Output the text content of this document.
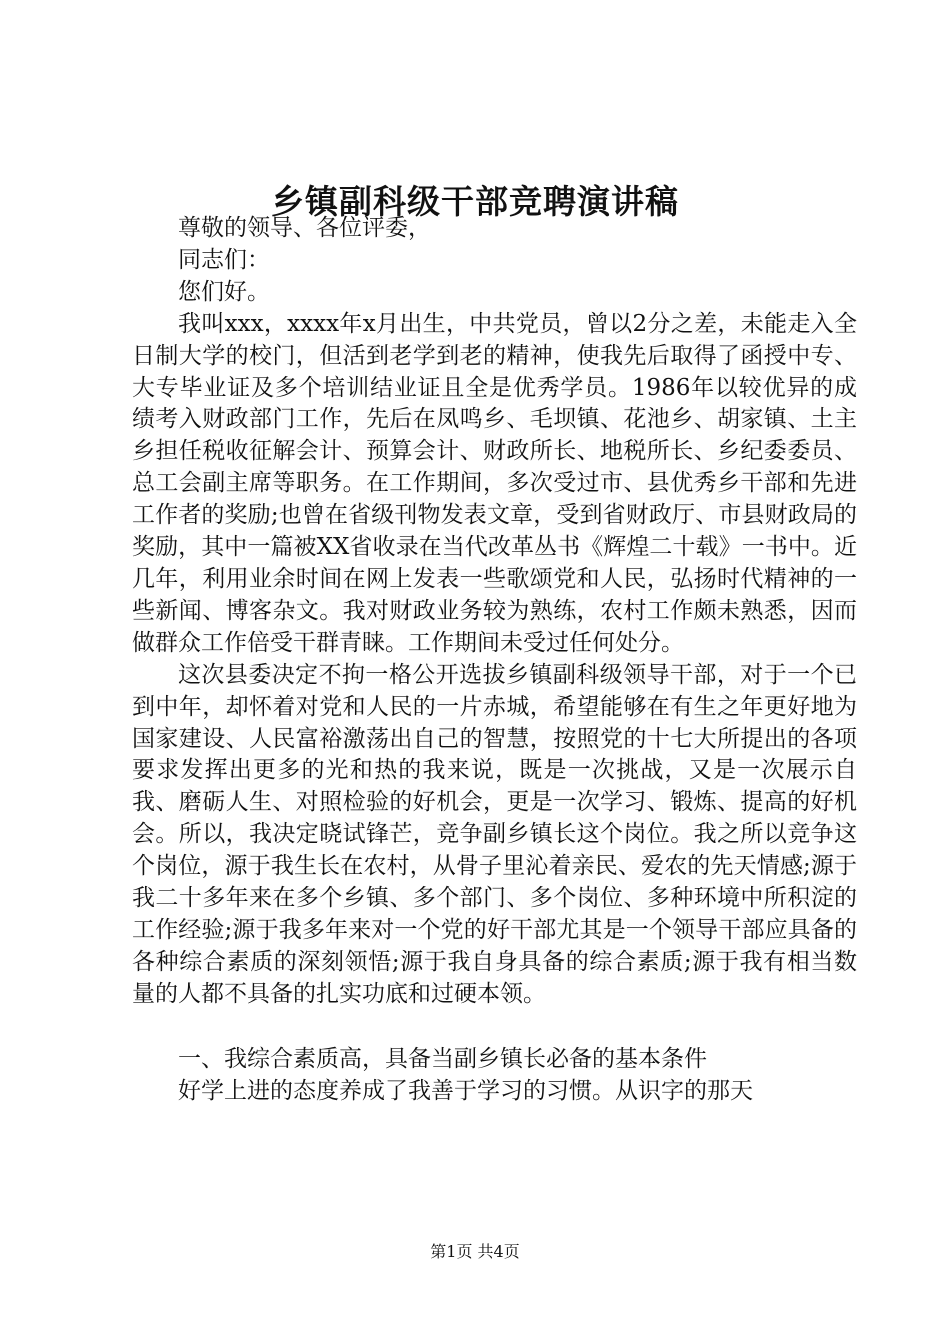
乡镇副科级干部竞聘演讲稿

尊敬的领导、各位评委，

同志们：

您们好。

我叫xxx，xxxx年x月出生，中共党员，曾以2分之差，未能走入全日制大学的校门，但活到老学到老的精神，使我先后取得了函授中专、大专毕业证及多个培训结业证且全是优秀学员。1986年以较优异的成绩考入财政部门工作，先后在凤鸣乡、毛坝镇、花池乡、胡家镇、土主乡担任税收征解会计、预算会计、财政所长、地税所长、乡纪委委员、总工会副主席等职务。在工作期间，多次受过市、县优秀乡干部和先进工作者的奖励;也曾在省级刊物发表文章，受到省财政厅、市县财政局的奖励，其中一篇被XX省收录在当代改革丛书《辉煌二十载》一书中。近几年，利用业余时间在网上发表一些歌颂党和人民，弘扬时代精神的一些新闻、博客杂文。我对财政业务较为熟练，农村工作颇未熟悉，因而做群众工作倍受干群青睐。工作期间未受过任何处分。

这次县委决定不拘一格公开选拔乡镇副科级领导干部，对于一个已到中年，却怀着对党和人民的一片赤城，希望能够在有生之年更好地为国家建设、人民富裕激荡出自己的智慧，按照党的十七大所提出的各项要求发挥出更多的光和热的我来说，既是一次挑战，又是一次展示自我、磨砺人生、对照检验的好机会，更是一次学习、锻炼、提高的好机会。所以，我决定晓试锋芒，竞争副乡镇长这个岗位。我之所以竞争这个岗位，源于我生长在农村，从骨子里沁着亲民、爱农的先天情感;源于我二十多年来在多个乡镇、多个部门、多个岗位、多种环境中所积淀的工作经验;源于我多年来对一个党的好干部尤其是一个领导干部应具备的各种综合素质的深刻领悟;源于我自身具备的综合素质;源于我有相当数量的人都不具备的扎实功底和过硬本领。

一、我综合素质高，具备当副乡镇长必备的基本条件

好学上进的态度养成了我善于学习的习惯。从识字的那天

第1页 共4页
